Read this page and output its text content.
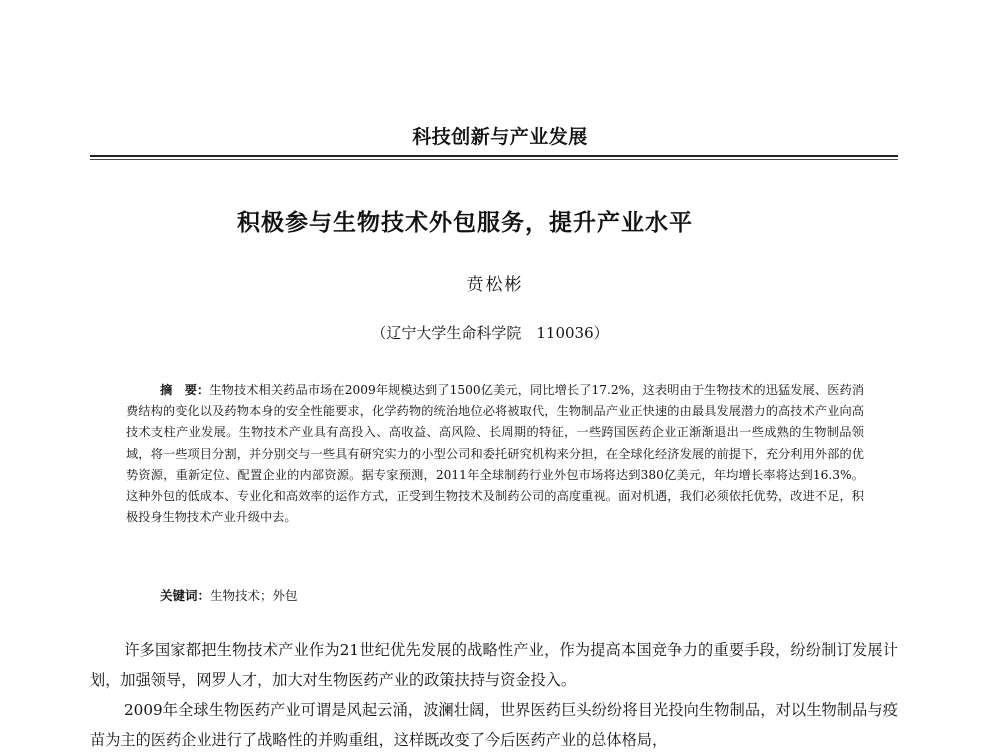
科技创新与产业发展
积极参与生物技术外包服务，提升产业水平
贲松彬
（辽宁大学生命科学院　110036）
摘　要：生物技术相关药品市场在2009年规模达到了1500亿美元，同比增长了17.2%，这表明由于生物技术的迅猛发展、医药消费结构的变化以及药物本身的安全性能要求，化学药物的统治地位必将被取代，生物制品产业正快速的由最具发展潜力的高技术产业向高技术支柱产业发展。生物技术产业具有高投入、高收益、高风险、长周期的特征，一些跨国医药企业正渐渐退出一些成熟的生物制品领域，将一些项目分割，并分别交与一些具有研究实力的小型公司和委托研究机构来分担，在全球化经济发展的前提下，充分利用外部的优势资源，重新定位、配置企业的内部资源。据专家预测，2011年全球制药行业外包市场将达到380亿美元，年均增长率将达到16.3%。这种外包的低成本、专业化和高效率的运作方式，正受到生物技术及制药公司的高度重视。面对机遇，我们必须依托优势，改进不足，积极投身生物技术产业升级中去。
关键词：生物技术；外包

许多国家都把生物技术产业作为21世纪优先发展的战略性产业，作为提高本国竞争力的重要手段，纷纷制订发展计划，加强领导，网罗人才，加大对生物医药产业的政策扶持与资金投入。

2009年全球生物医药产业可谓是风起云涌，波澜壮阔，世界医药巨头纷纷将目光投向生物制品，对以生物制品与疫苗为主的医药企业进行了战略性的并购重组，这样既改变了今后医药产业的总体格局，
